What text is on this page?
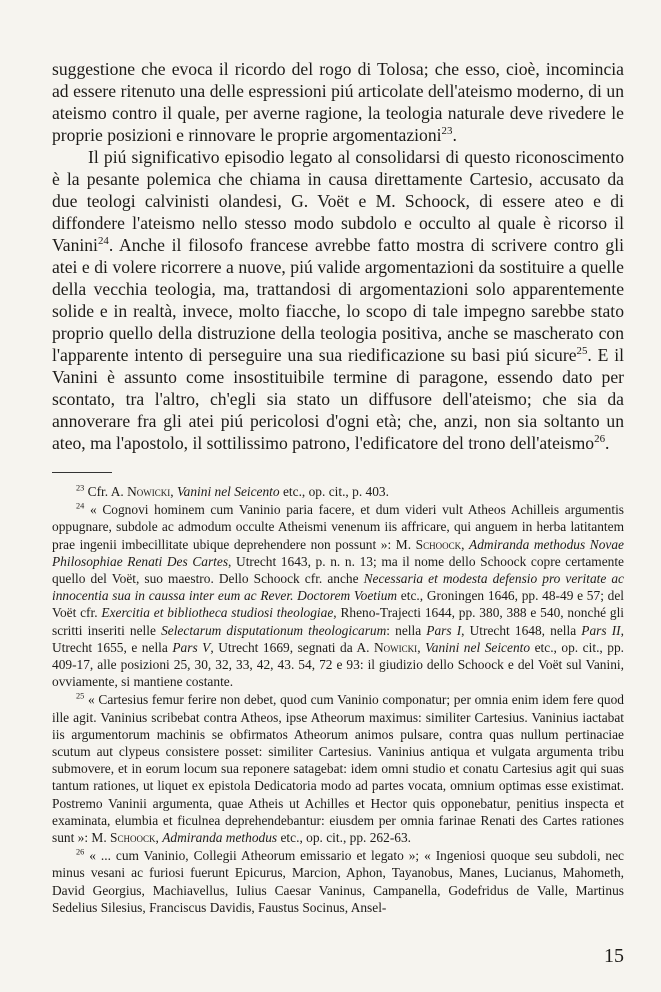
suggestione che evoca il ricordo del rogo di Tolosa; che esso, cioè, incomincia ad essere ritenuto una delle espressioni piú articolate dell'ateismo moderno, di un ateismo contro il quale, per averne ragione, la teologia naturale deve rivedere le proprie posizioni e rinnovare le proprie argomentazioni$^{23}$.

Il piú significativo episodio legato al consolidarsi di questo riconoscimento è la pesante polemica che chiama in causa direttamente Cartesio, accusato da due teologi calvinisti olandesi, G. Voët e M. Schoock, di essere ateo e di diffondere l'ateismo nello stesso modo subdolo e occulto al quale è ricorso il Vanini$^{24}$. Anche il filosofo francese avrebbe fatto mostra di scrivere contro gli atei e di volere ricorrere a nuove, piú valide argomentazioni da sostituire a quelle della vecchia teologia, ma, trattandosi di argomentazioni solo apparentemente solide e in realtà, invece, molto fiacche, lo scopo di tale impegno sarebbe stato proprio quello della distruzione della teologia positiva, anche se mascherato con l'apparente intento di perseguire una sua riedificazione su basi piú sicure$^{25}$. E il Vanini è assunto come insostituibile termine di paragone, essendo dato per scontato, tra l'altro, ch'egli sia stato un diffusore dell'ateismo; che sia da annoverare fra gli atei piú pericolosi d'ogni età; che, anzi, non sia soltanto un ateo, ma l'apostolo, il sottilissimo patrono, l'edificatore del trono dell'ateismo$^{26}$.

$^{23}$ Cfr. A. Nowicki, Vanini nel Seicento etc., op. cit., p. 403.

$^{24}$ « Cognovi hominem cum Vaninio paria facere, et dum videri vult Atheos Achilleis argumentis oppugnare, subdole ac admodum occulte Atheismi venenum iis affricare, qui anguem in herba latitantem prae ingenii imbecillitate ubique deprehendere non possunt »: M. Schoock, Admiranda methodus Novae Philosophiae Renati Des Cartes, Utrecht 1643, p. n. n. 13; ma il nome dello Schoock copre certamente quello del Voët, suo maestro. Dello Schoock cfr. anche Necessaria et modesta defensio pro veritate ac innocentia sua in caussa inter eum ac Rever. Doctorem Voetium etc., Groningen 1646, pp. 48-49 e 57; del Voët cfr. Exercitia et bibliotheca studiosi theologiae, Rheno-Trajecti 1644, pp. 380, 388 e 540, nonché gli scritti inseriti nelle Selectarum disputationum theologicarum: nella Pars I, Utrecht 1648, nella Pars II, Utrecht 1655, e nella Pars V, Utrecht 1669, segnati da A. Nowicki, Vanini nel Seicento etc., op. cit., pp. 409-17, alle posizioni 25, 30, 32, 33, 42, 43. 54, 72 e 93: il giudizio dello Schoock e del Voët sul Vanini, ovviamente, si mantiene costante.

$^{25}$ « Cartesius femur ferire non debet, quod cum Vaninio componatur; per omnia enim idem fere quod ille agit. Vaninius scribebat contra Atheos, ipse Atheorum maximus: similiter Cartesius. Vaninius iactabat iis argumentorum machinis se obfirmatos Atheorum animos pulsare, contra quas nullum pertinaciae scutum aut clypeus consistere posset: similiter Cartesius. Vaninius antiqua et vulgata argumenta tribu submovere, et in eorum locum sua reponere satagebat: idem omni studio et conatu Cartesius agit qui suas tantum rationes, ut liquet ex epistola Dedicatoria modo ad partes vocata, omnium optimas esse existimat. Postremo Vaninii argumenta, quae Atheis ut Achilles et Hector quis opponebatur, penitius inspecta et examinata, elumbia et ficulnea deprehendebantur: eiusdem per omnia farinae Renati des Cartes rationes sunt »: M. Schoock, Admiranda methodus etc., op. cit., pp. 262-63.

$^{26}$ « ... cum Vaninio, Collegii Atheorum emissario et legato »; « Ingeniosi quoque seu subdoli, nec minus vesani ac furiosi fuerunt Epicurus, Marcion, Aphon, Tayanobus, Manes, Lucianus, Mahometh, David Georgius, Machiavellus, Iulius Caesar Vaninus, Campanella, Godefridus de Valle, Martinus Sedelius Silesius, Franciscus Davidis, Faustus Socinus, Ansel-

15
